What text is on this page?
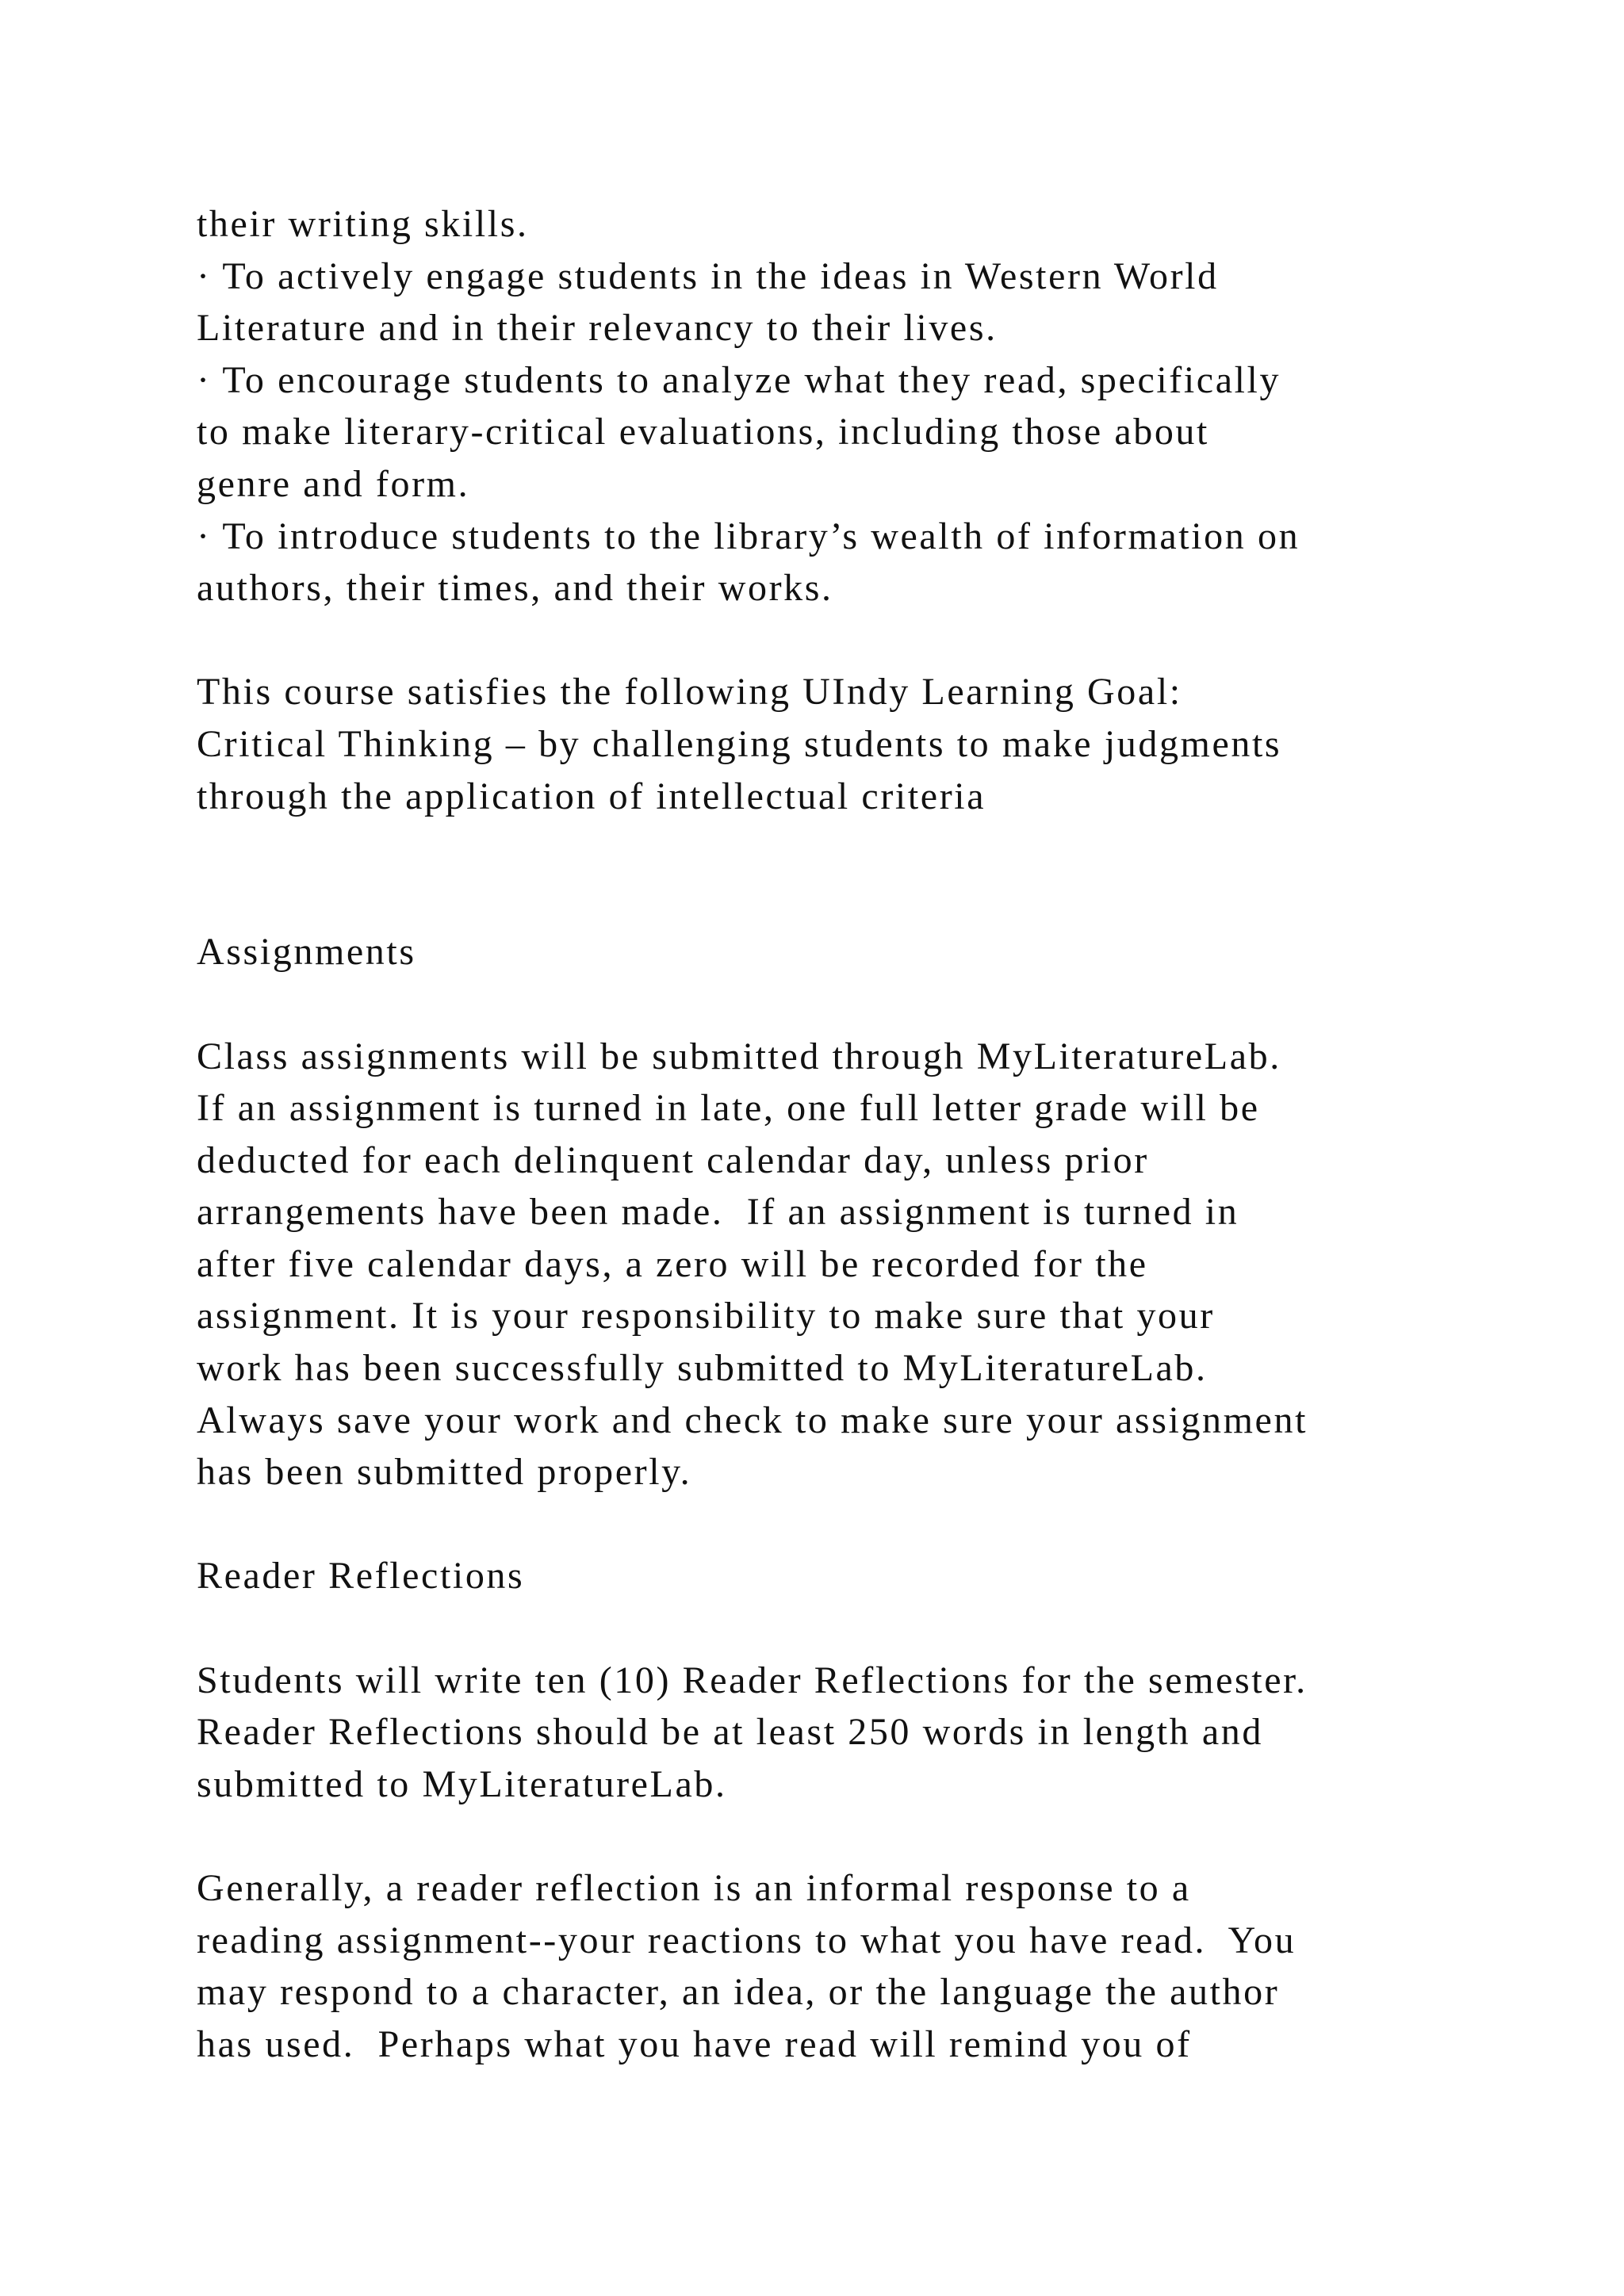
their writing skills.
· To actively engage students in the ideas in Western World
Literature and in their relevancy to their lives.
· To encourage students to analyze what they read, specifically
to make literary-critical evaluations, including those about
genre and form.
· To introduce students to the library’s wealth of information on
authors, their times, and their works.
This course satisfies the following UIndy Learning Goal:
Critical Thinking – by challenging students to make judgments
through the application of intellectual criteria
Assignments
Class assignments will be submitted through MyLiteratureLab.
If an assignment is turned in late, one full letter grade will be
deducted for each delinquent calendar day, unless prior
arrangements have been made.  If an assignment is turned in
after five calendar days, a zero will be recorded for the
assignment. It is your responsibility to make sure that your
work has been successfully submitted to MyLiteratureLab.
Always save your work and check to make sure your assignment
has been submitted properly.
Reader Reflections
Students will write ten (10) Reader Reflections for the semester.
Reader Reflections should be at least 250 words in length and
submitted to MyLiteratureLab.
Generally, a reader reflection is an informal response to a
reading assignment--your reactions to what you have read.  You
may respond to a character, an idea, or the language the author
has used.  Perhaps what you have read will remind you of
